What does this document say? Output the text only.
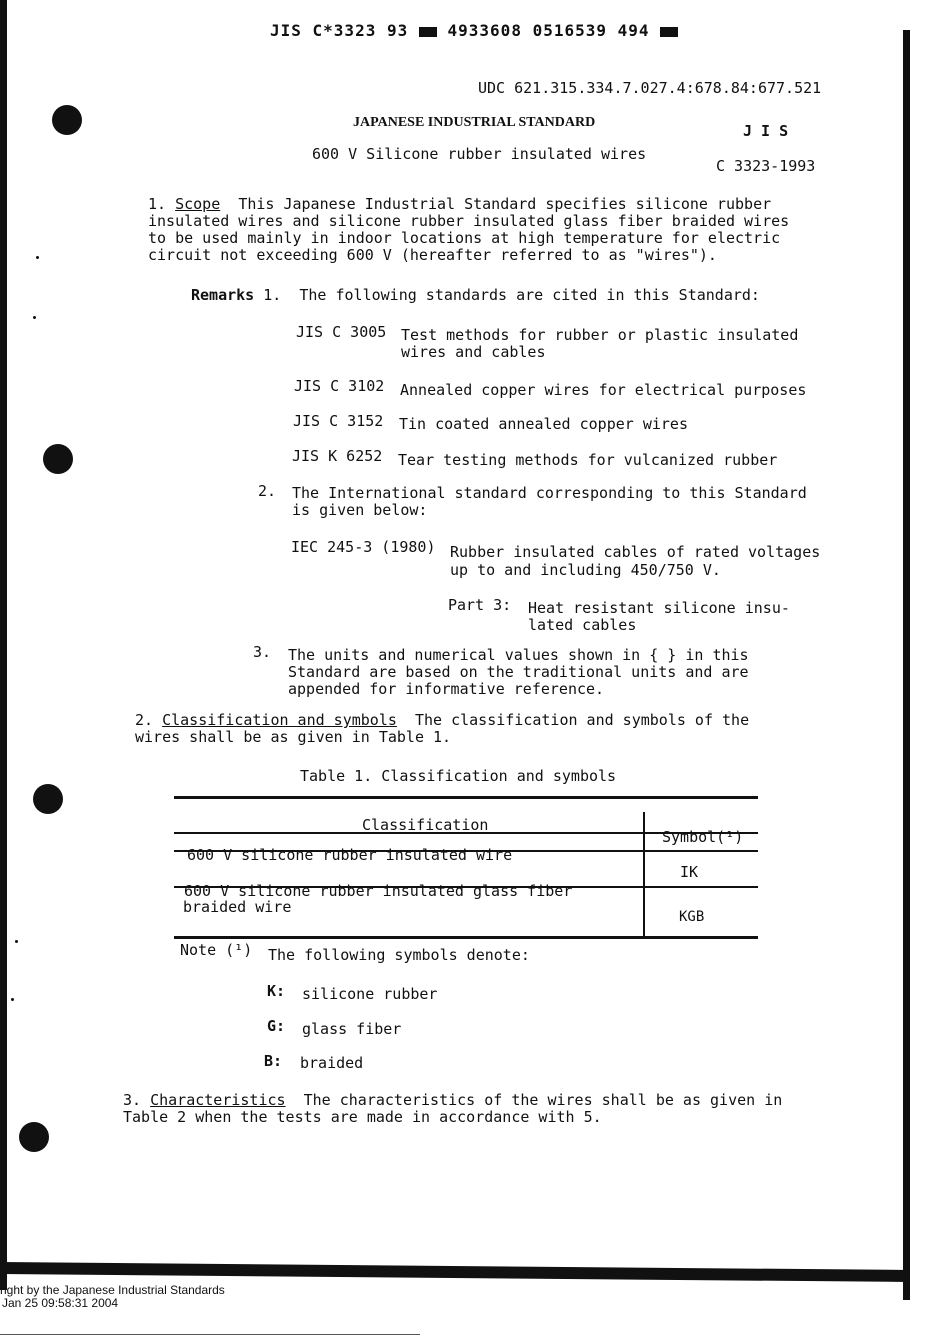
JIS C*3323 93 4933608 0516539 494
UDC 621.315.334.7.027.4:678.84:677.521
JAPANESE INDUSTRIAL STANDARD	J I S
600 V Silicone rubber insulated wires
C 3323-1993
1. Scope This Japanese Industrial Standard specifies silicone rubber
insulated wires and silicone rubber insulated glass fiber braided wires
to be used mainly in indoor locations at high temperature for electric
circuit not exceeding 600 V (hereafter referred to as "wires").
Remarks 1. The following standards are cited in this Standard:
JIS C 3005 Test methods for rubber or plastic insulated
wires and cables
JIS C 3102 Annealed copper wires for electrical purposes
JIS C 3152 Tin coated annealed copper wires
JIS K 6252 Tear testing methods for vulcanized rubber
2. The International standard corresponding to this Standard
is given below:
IEC 245-3 (1980) Rubber insulated cables of rated voltages
up to and including 450/750 V.
Part 3: Heat resistant silicone insu-
lated cables
3. The units and numerical values shown in { } in this
Standard are based on the traditional units and are
appended for informative reference.
2. Classification and symbols The classification and symbols of the
wires shall be as given in Table 1.
Table 1. Classification and symbols
Classification
Symbol(¹)
600 V silicone rubber insulated wire
IK
600 V silicone rubber insulated glass fiber
braided wire
KGB
Note (¹) The following symbols denote:
K: silicone rubber
G: glass fiber
B: braided
3. Characteristics The characteristics of the wires shall be as given in
Table 2 when the tests are made in accordance with 5.
right by the Japanese Industrial Standards
Jan 25 09:58:31 2004
